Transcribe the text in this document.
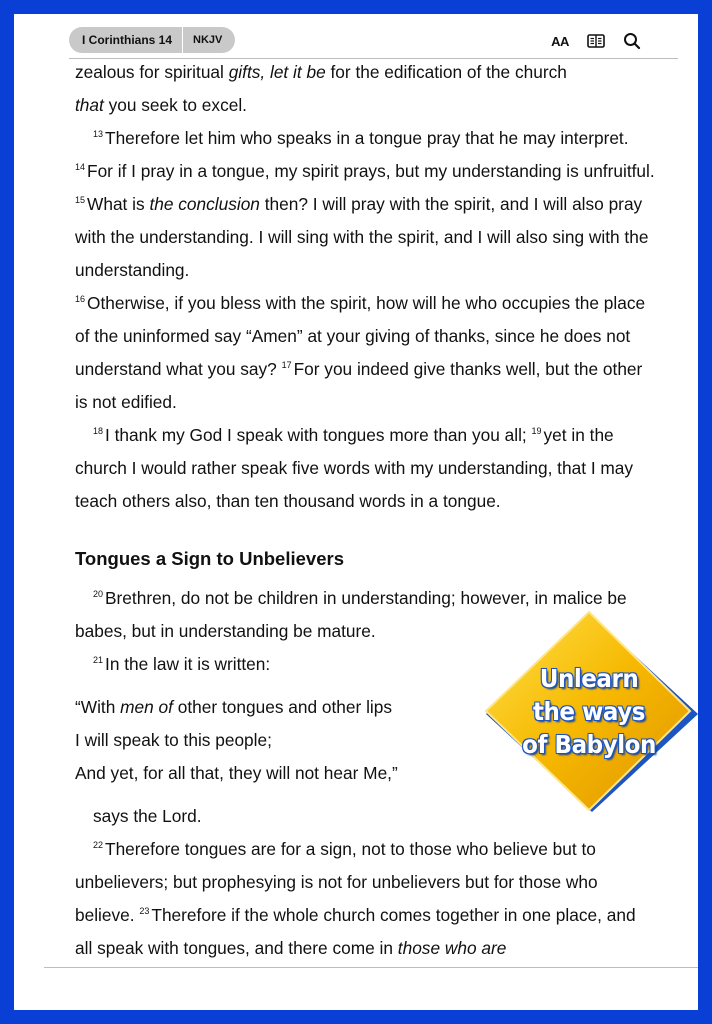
I Corinthians 14	NKJV	AA

zealous for spiritual gifts, let it be for the edification of the church
that you seek to excel.

$^{13}$ Therefore let him who speaks in a tongue pray that he may interpret. $^{14}$ For if I pray in a tongue, my spirit prays, but my understanding is unfruitful. $^{15}$ What is the conclusion then? I will pray with the spirit, and I will also pray with the understanding. I will sing with the spirit, and I will also sing with the understanding.

$^{16}$ Otherwise, if you bless with the spirit, how will he who occupies the place of the uninformed say “Amen” at your giving of thanks, since he does not understand what you say? $^{17}$ For you indeed give thanks well, but the other is not edified.

$^{18}$ I thank my God I speak with tongues more than you all; $^{19}$ yet in the church I would rather speak five words with my understanding, that I may teach others also, than ten thousand words in a tongue.

Tongues a Sign to Unbelievers

$^{20}$ Brethren, do not be children in understanding; however, in malice be babes, but in understanding be mature.

$^{21}$ In the law it is written:

“With men of other tongues and other lips

I will speak to this people;

And yet, for all that, they will not hear Me,”

says the Lord.

$^{22}$ Therefore tongues are for a sign, not to those who believe but to unbelievers; but prophesying is not for unbelievers but for those who believe. $^{23}$ Therefore if the whole church comes together in one place, and all speak with tongues, and there come in those who are

Unlearn
the ways
of Babylon
